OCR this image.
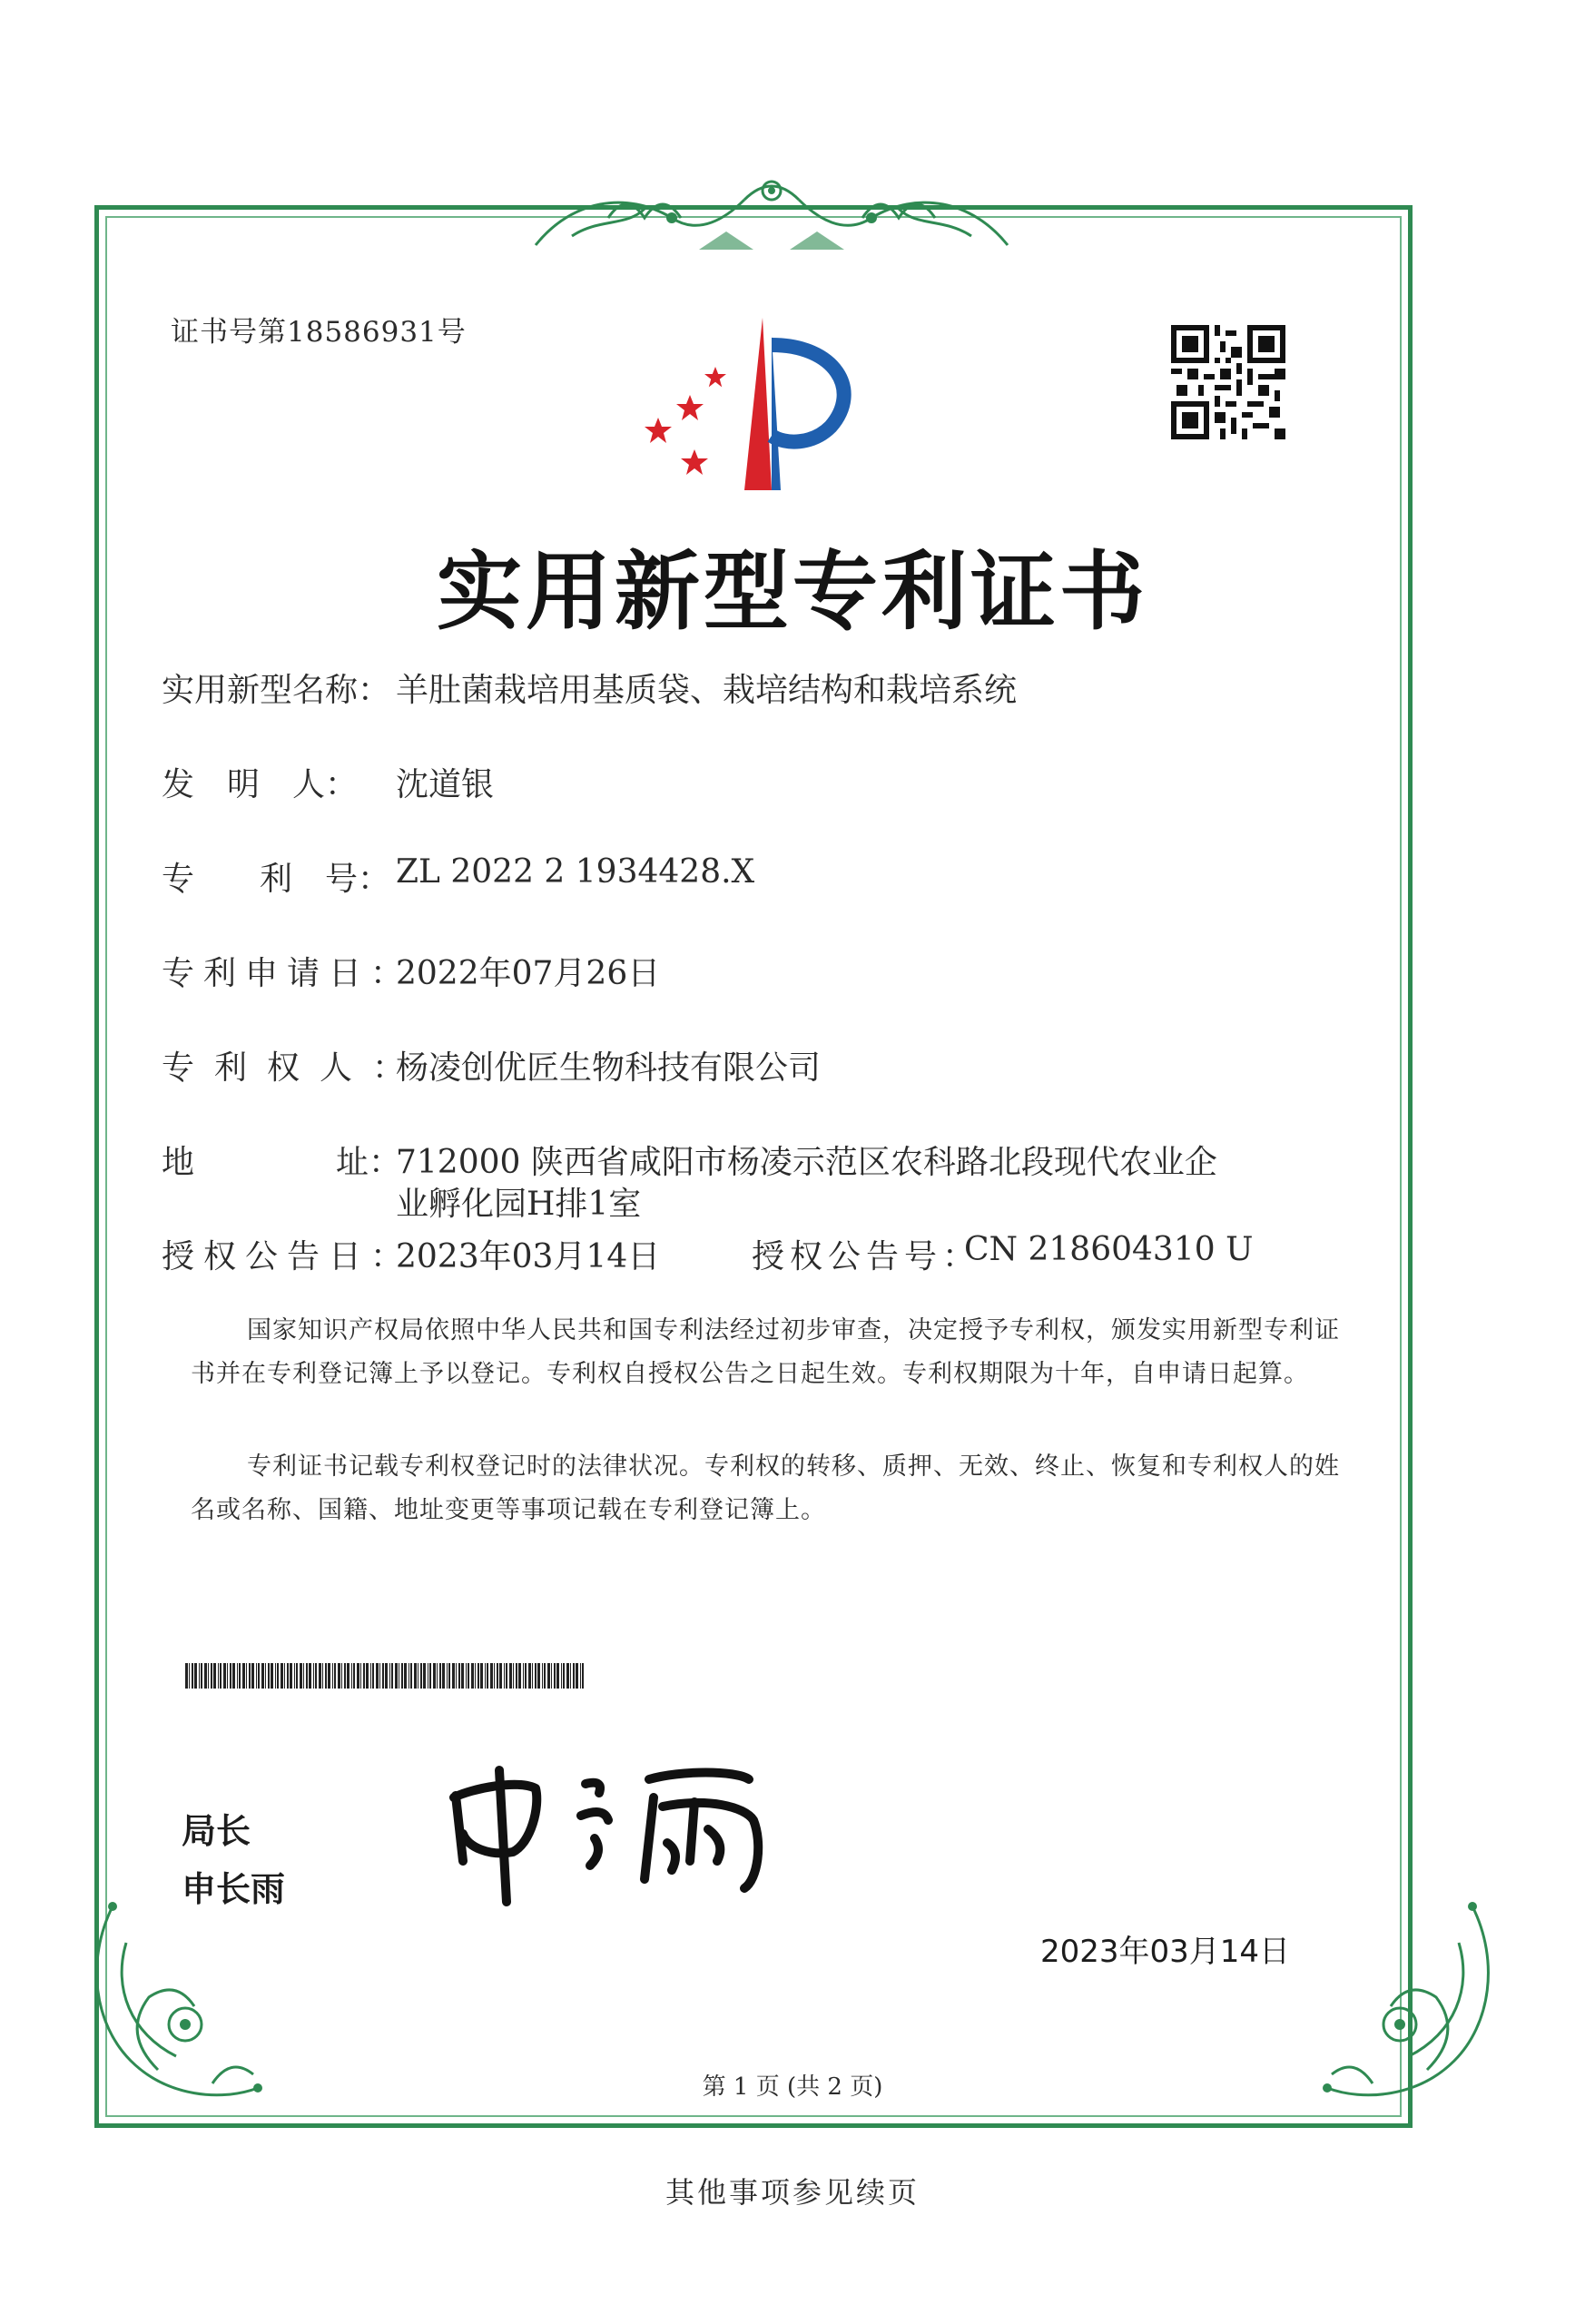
证书号第18586931号
实用新型专利证书
实用新型名称： 羊肚菌栽培用基质袋、栽培结构和栽培系统
发　明　人： 沈道银
专　　利　号： ZL 2022 2 1934428.X
专利申请日：
2022年07月26日
专利权人：
杨凌创优匠生物科技有限公司
地	址：
712000 陕西省咸阳市杨凌示范区农科路北段现代农业企
业孵化园H排1室
授权公告日：
2023年03月14日	授权公告号：
CN 218604310 U
国家知识产权局依照中华人民共和国专利法经过初步审查，决定授予专利权，颁发实用新型专利证书并在专利登记簿上予以登记。专利权自授权公告之日起生效。专利权期限为十年，自申请日起算。
专利证书记载专利权登记时的法律状况。专利权的转移、质押、无效、终止、恢复和专利权人的姓名或名称、国籍、地址变更等事项记载在专利登记簿上。
局长
申长雨
2023年03月14日
第 1 页 (共 2 页)
其他事项参见续页
